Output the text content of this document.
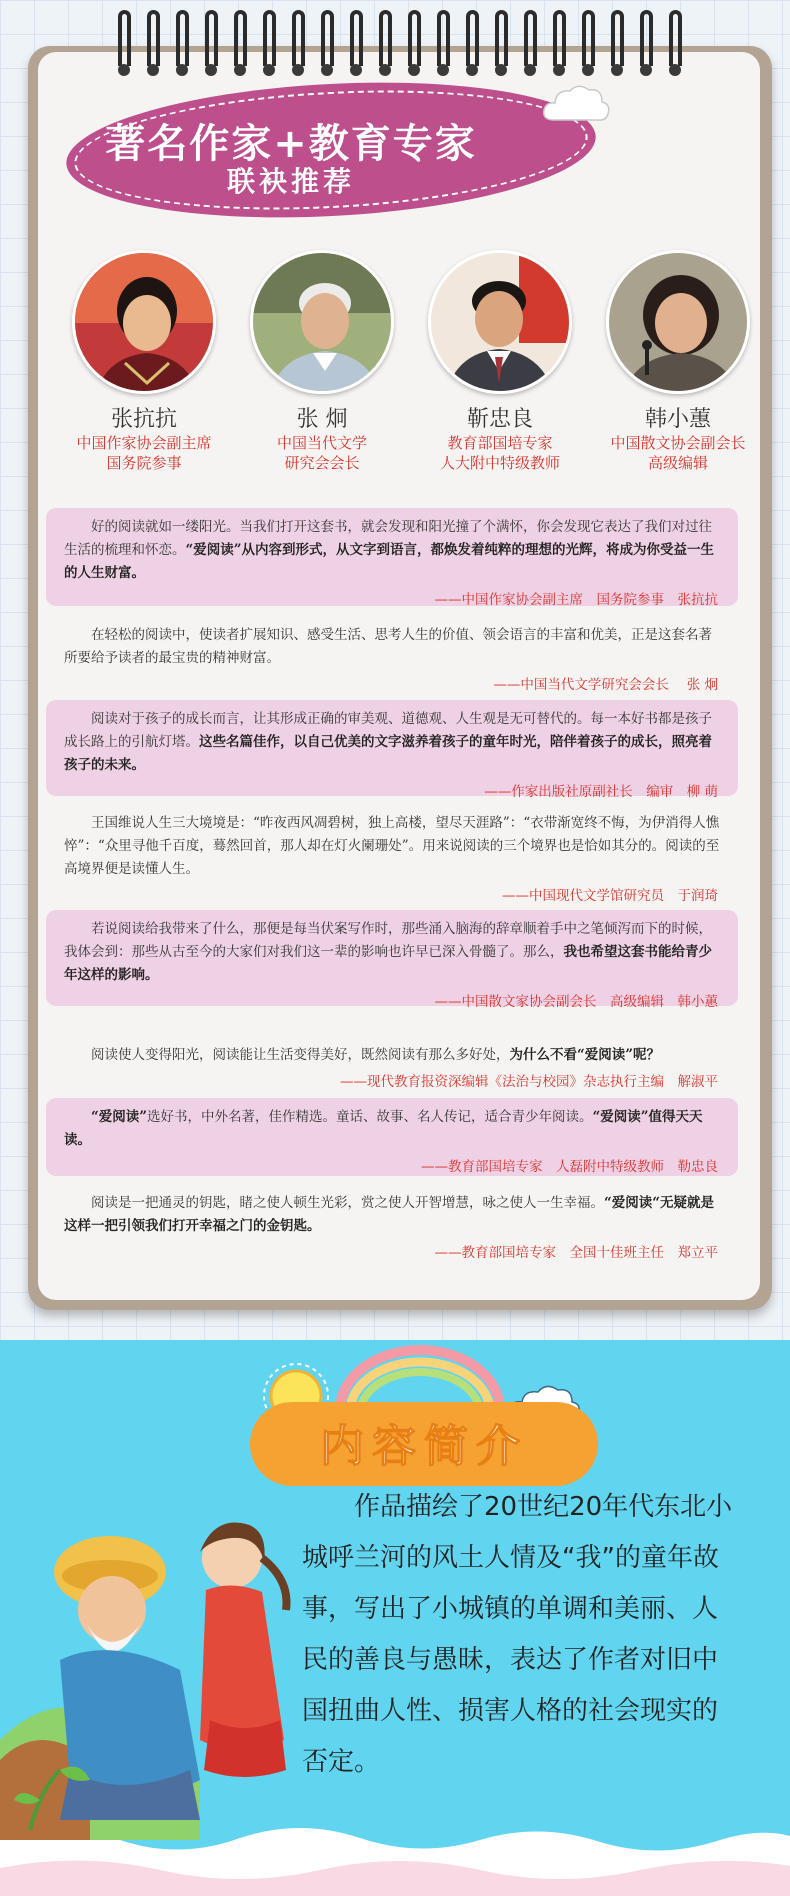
著名作家+教育专家
联袂推荐
张抗抗
中国作家协会副主席
国务院参事
张 炯
中国当代文学
研究会会长
靳忠良
教育部国培专家
人大附中特级教师
韩小蕙
中国散文协会副会长
高级编辑

好的阅读就如一缕阳光。当我们打开这套书，就会发现和阳光撞了个满怀，你会发现它表达了我们对过往生活的梳理和怀恋。“爱阅读”从内容到形式，从文字到语言，都焕发着纯粹的理想的光辉，将成为你受益一生的人生财富。

——中国作家协会副主席　国务院参事　张抗抗

在轻松的阅读中，使读者扩展知识、感受生活、思考人生的价值、领会语言的丰富和优美，正是这套名著所要给予读者的最宝贵的精神财富。

——中国当代文学研究会会长　 张 炯

阅读对于孩子的成长而言，让其形成正确的审美观、道德观、人生观是无可替代的。每一本好书都是孩子成长路上的引航灯塔。这些名篇佳作，以自己优美的文字滋养着孩子的童年时光，陪伴着孩子的成长，照亮着孩子的未来。

——作家出版社原副社长　编审　柳 萌

王国维说人生三大境境是：“昨夜西风凋碧树，独上高楼，望尽天涯路”：“衣带渐宽终不悔，为伊消得人憔悴”：“众里寻他千百度，蓦然回首，那人却在灯火阑珊处”。用来说阅读的三个境界也是恰如其分的。阅读的至高境界便是读懂人生。

——中国现代文学馆研究员　于润琦

若说阅读给我带来了什么，那便是每当伏案写作时，那些涌入脑海的辞章顺着手中之笔倾泻而下的时候，我体会到：那些从古至今的大家们对我们这一辈的影响也许早已深入骨髓了。那么，我也希望这套书能给青少年这样的影响。

——中国散文家协会副会长　高级编辑　韩小蕙

阅读使人变得阳光，阅读能让生活变得美好，既然阅读有那么多好处，为什么不看“爱阅读”呢？

——现代教育报资深编辑《法治与校园》杂志执行主编　解淑平

“爱阅读”选好书，中外名著，佳作精选。童话、故事、名人传记，适合青少年阅读。“爱阅读”值得天天读。

——教育部国培专家　人磊附中特级教师　勒忠良

阅读是一把通灵的钥匙，睹之使人顿生光彩，赏之使人开智增慧，咏之使人一生幸福。“爱阅读“无疑就是这样一把引领我们打开幸福之门的金钥匙。

——教育部国培专家　全国十佳班主任　郑立平
内容简介

作品描绘了20世纪20年代东北小城呼兰河的风土人情及“我”的童年故事，写出了小城镇的单调和美丽、人民的善良与愚昧，表达了作者对旧中国扭曲人性、损害人格的社会现实的否定。
